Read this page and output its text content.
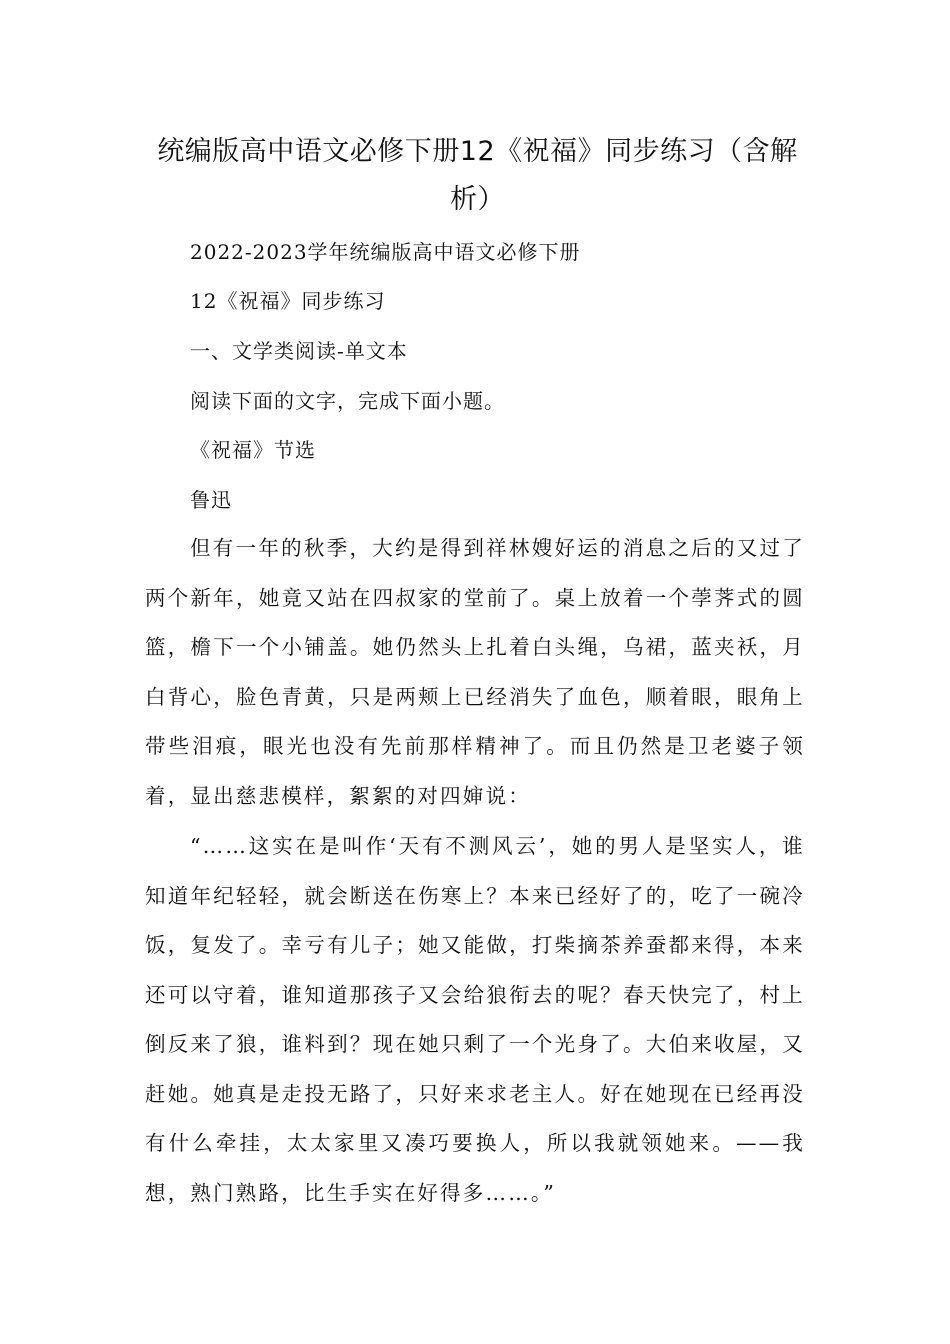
统编版高中语文必修下册12《祝福》同步练习（含解析）

2022-2023学年统编版高中语文必修下册

12《祝福》同步练习

一、文学类阅读-单文本

阅读下面的文字，完成下面小题。

《祝福》节选

鲁迅

但有一年的秋季，大约是得到祥林嫂好运的消息之后的又过了两个新年，她竟又站在四叔家的堂前了。桌上放着一个荸荠式的圆篮，檐下一个小铺盖。她仍然头上扎着白头绳，乌裙，蓝夹袄，月白背心，脸色青黄，只是两颊上已经消失了血色，顺着眼，眼角上带些泪痕，眼光也没有先前那样精神了。而且仍然是卫老婆子领着，显出慈悲模样，絮絮的对四婶说：

“……这实在是叫作‘天有不测风云’，她的男人是坚实人，谁知道年纪轻轻，就会断送在伤寒上？本来已经好了的，吃了一碗冷饭，复发了。幸亏有儿子；她又能做，打柴摘茶养蚕都来得，本来还可以守着，谁知道那孩子又会给狼衔去的呢？春天快完了，村上倒反来了狼，谁料到？现在她只剩了一个光身了。大伯来收屋，又赶她。她真是走投无路了，只好来求老主人。好在她现在已经再没有什么牵挂，太太家里又凑巧要换人，所以我就领她来。——我想，熟门熟路，比生手实在好得多……。”
